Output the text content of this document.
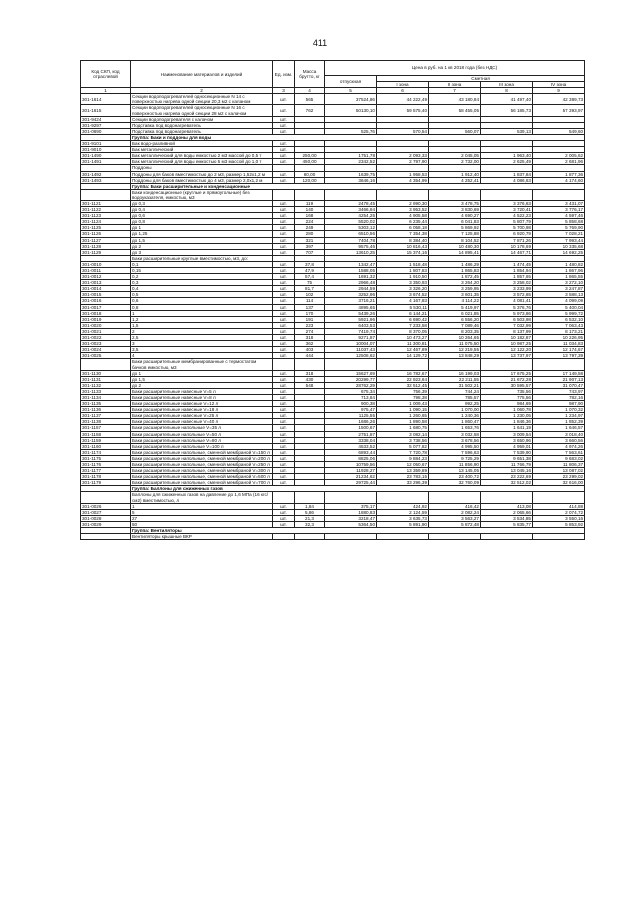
411
Код СКП, код отраслевой	Наименование материалов и изделий	Ед. изм.	Масса брутто, кг	Цена в руб. на 1 кв 2018 года (без НДС)				
				отпускная	Сметная			
					I зона	II зона	III зона	IV зона
1	2	3	4	5	6	7	8	9
301-1614	Секции водоподогревателей односекционные N 14 с поверхностью нагрева одной секции 20,3 м2 с каланом	шт.	565	37524,86	44 222,49	43 180,84	41 497,40	42 389,73
301-1615	Секции водоподогревателей односекционные N 16 с поверхностью нагрева одной секции 28 м2 с калачом	шт.	762	50130,10	59 575,40	58 455,05	56 185,73	57 393,97
301-9424	Секции водоподогревателя с калачом	шт.						
301-9297	Подставка под водонагреватель	шт.						
301-0690	Подставка под водонагреватель	шт.		525,76	570,54	560,07	539,13	549,60
	Группа: Баки и поддоны для воды							
301-9101	Бак водо-разливной	шт.						
301-9010	Бак металлический	шт.						
301-1490	Бак металлический для воды емкостью 2 м3 массой до 0,5 т	шт.	250,00	1751,78	2 093,33	2 045,05	1 963,40	2 005,62
301-1491	Бак металлический для воды емкостью 5 м3 массой до 1,0 т	шт.	450,00	2342,52	2 797,90	2 732,00	2 625,49	2 681,96
	Поддоны							
301-1492	Поддоны для баков вместимостью до 2 м3, размер 1,52х1,2 м	шт.	60,00	1639,75	1 958,53	1 912,40	1 837,84	1 877,36
301-1493	Поддоны для баков вместимостью до 4 м3, размер 2,0х1,2 м	шт.	120,00	3646,16	4 354,99	4 252,41	4 086,63	4 174,60
	Группа: Баки расширительные и конденсационные							
	Баки конденсационные (круглые и прямоугольные) без водоуказателя, емкостью, м3							
301-1121	до 0,3	шт.	119	2478,45	2 990,30	3 478,75	3 376,63	3 431,07
301-1122	до 0,4	шт.	140	3466,94	3 953,52	3 830,69	3 720,41	3 776,17
301-1123	до 0,6	шт.	168	4254,25	4 905,58	4 690,27	4 522,23	4 597,46
301-1124	до 0,8	шт.	224	5520,02	6 235,44	6 041,83	5 807,79	5 858,68
301-1125	до 1	шт.	249	5303,12	6 058,18	5 869,92	5 700,98	5 769,90
301-1126	до 1,25	шт.	280	6510,56	7 354,38	7 125,88	6 920,79	7 028,21
301-1127	до 1,5	шт.	321	7404,78	8 384,40	8 104,52	7 871,26	7 993,44
301-1128	до 2	шт.	397	9575,46	10 816,43	10 480,30	10 178,69	10 335,68
301-1129	до 3	шт.	707	13610,25	15 374,16	14 895,41	14 467,71	14 692,25
	Баки расширительные круглые вместимостью, м3, до:							
301-0010	0,1	шт.	37,8	1342,47	1 518,48	1 486,29	1 474,45	1 480,82
301-0011	0,15	шт.	47,9	1588,05	1 807,83	1 865,83	1 854,94	1 867,96
301-0012	0,2	шт.	57,4	1691,32	1 910,50	1 872,45	1 857,65	1 865,55
301-0013	0,3	шт.	75	2966,48	3 350,93	3 264,20	3 258,02	3 272,10
301-0014	0,4	шт.	81,7	2944,59	3 326,20	3 259,95	3 233,99	3 247,87
301-0015	0,5	шт.	102	3252,96	3 674,52	3 601,35	3 572,65	3 588,13
301-0016	0,6	шт.	114	3716,21	4 167,83	4 114,22	4 081,41	4 099,09
301-0017	0,8	шт.	137	4895,65	5 530,11	5 419,97	5 376,76	5 400,04
301-0018	1	шт.	170	5439,26	6 144,21	6 021,85	5 973,86	5 999,72
301-0019	1,2	шт.	191	5921,96	6 690,42	6 556,20	6 503,98	6 532,10
301-0020	1,5	шт.	223	6403,53	7 233,58	7 089,46	7 032,99	7 063,43
301-0021	2	шт.	274	7419,74	8 370,05	8 203,35	8 137,99	8 173,21
301-0022	2,5	шт.	318	9271,87	10 473,27	10 264,65	10 182,87	10 226,95
301-0023	3	шт.	362	10004,07	11 300,81	11 075,50	10 987,25	11 034,83
301-0024	3,5	шт.	403	11037,43	12 467,89	12 219,55	12 122,20	12 174,67
301-0025	4	шт.	444	12508,62	14 129,72	13 848,29	13 737,97	13 797,39
	Баки расширительные мембранированные с термостатом бачков емкостью, м3							
301-1130	до 1	шт.	318	15627,69	16 782,67	16 199,03	17 675,25	17 149,58
301-1131	до 1,5	шт.	430	20299,77	22 923,84	22 211,55	21 672,28	21 907,13
301-1132	до 2	шт.	548	28762,29	32 512,45	31 502,21	30 595,57	31 070,47
301-1133	Баки расширительные навесные V=5 л	шт.		675,34	756,39	744,24	735,56	743,97
301-1134	Баки расширительные навесные V=8 л	шт.		713,84	798,38	785,57	775,56	782,16
301-1135	Баки расширительные навесные V=12 л	шт.		900,38	1 009,43	992,25	984,69	987,90
301-1136	Баки расширительные навесные V=18 л	шт.		975,47	1 090,15	1 070,00	1 060,78	1 070,32
301-1137	Баки расширительные навесные V=25 л	шт.		1125,55	1 260,65	1 240,36	1 230,05	1 234,97
301-1138	Баки расширительные навесные V=40 л	шт.		1686,26	1 890,58	1 860,47	1 846,36	1 852,39
301-1157	Баки расширительные напольные V=35 л	шт.		1500,67	1 680,75	1 653,76	1 641,19	1 646,57
301-1158	Баки расширительные напольные V=50 л	шт.		2751,87	3 082,14	3 032,58	3 009,54	3 018,40
301-1159	Баки расширительные напольные V=80 л	шт.		3338,04	3 738,56	3 678,56	3 650,96	3 660,56
301-1160	Баки расширительные напольные V=100 л	шт.		4533,52	5 077,82	4 995,50	4 959,01	4 974,26
301-1174	Баки расширительные напольные, сменной мембраной V=150 л	шт.		6893,44	7 720,78	7 596,63	7 539,90	7 563,61
301-1175	Баки расширительные напольные, сменной мембраной V=200 л	шт.		8825,06	9 884,23	9 725,29	9 651,38	9 683,02
301-1176	Баки расширительные напольные, сменной мембраной V=250 л	шт.		10759,56	12 050,67	11 856,90	11 766,79	11 806,37
301-1177	Баки расширительные напольные, сменной мембраной V=300 л	шт.		11928,27	13 359,89	13 145,05	13 045,16	13 087,02
301-1178	Баки расширительные напольные, сменной мембраной V=500 л	шт.		21234,62	23 783,15	23 400,72	23 222,69	23 299,02
301-1179	Баки расширительные напольные, сменной мембраной V=700 л	шт.		29725,44	33 296,39	32 760,09	32 512,02	32 616,00
	Группа: Баллоны для сжиженных газов							
	Баллоны для сжиженных газов на давление до 1,6 МПа (16 кгс/см2) вместимостью, л							
301-0026	1	шт.	1,84	375,17	424,92	416,42	413,08	414,88
301-0027	5	шт.	5,86	1880,83	2 124,59	2 082,24	2 065,66	2 074,72
301-0028	27	шт.	21,3	3218,47	3 635,73	3 563,27	3 534,85	3 550,16
301-0029	50	шт.	32,3	5364,50	5 891,90	5 872,48	5 835,77	5 853,92
	Группа: Вентиляторы							
	Вентиляторы крышные ВКР							
